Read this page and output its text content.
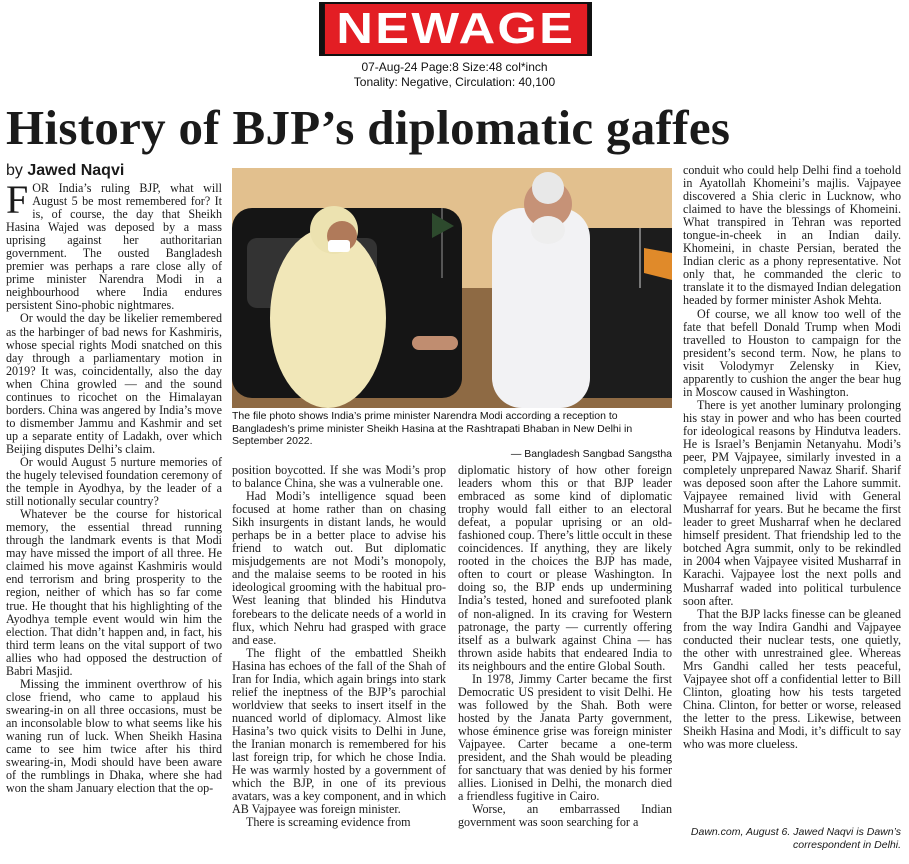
NEWAGE
07-Aug-24 Page:8 Size:48 col*inch
Tonality: Negative, Circulation: 40,100
History of BJP’s diplomatic gaffes
by Jawed Naqvi

FOR India’s ruling BJP, what will August 5 be most remembered for? It is, of course, the day that Sheikh Hasina Wajed was deposed by a mass uprising against her authoritarian government. The ousted Bangladesh premier was perhaps a rare close ally of prime minister Narendra Modi in a neighbourhood where India endures persistent Sino-phobic nightmares.

Or would the day be likelier remembered as the harbinger of bad news for Kashmiris, whose special rights Modi snatched on this day through a parliamentary motion in 2019? It was, coincidentally, also the day when China growled — and the sound continues to ricochet on the Himalayan borders. China was angered by India’s move to dismember Jammu and Kashmir and set up a separate entity of Ladakh, over which Beijing disputes Delhi’s claim.

Or would August 5 nurture memories of the hugely televised foundation ceremony of the temple in Ayodhya, by the leader of a still notionally secular country?

Whatever be the course for historical memory, the essential thread running through the landmark events is that Modi may have missed the import of all three. He claimed his move against Kashmiris would end terrorism and bring prosperity to the region, neither of which has so far come true. He thought that his highlighting of the Ayodhya temple event would win him the election. That didn’t happen and, in fact, his third term leans on the vital support of two allies who had opposed the destruction of Babri Masjid.

Missing the imminent overthrow of his close friend, who came to applaud his swearing-in on all three occasions, must be an inconsolable blow to what seems like his waning run of luck. When Sheikh Hasina came to see him twice after his third swearing-in, Modi should have been aware of the rumblings in Dhaka, where she had won the sham January election that the op-

The file photo shows India’s prime minister Narendra Modi according a reception to Bangladesh’s prime minister Sheikh Hasina at the Rashtrapati Bhaban in New Delhi in September 2022.
— Bangladesh Sangbad Sangstha

position boycotted. If she was Modi’s prop to balance China, she was a vulnerable one.

Had Modi’s intelligence squad been focused at home rather than on chasing Sikh insurgents in distant lands, he would perhaps be in a better place to advise his friend to watch out. But diplomatic misjudgements are not Modi’s monopoly, and the malaise seems to be rooted in his ideological grooming with the habitual pro-West leaning that blinded his Hindutva forebears to the delicate needs of a world in flux, which Nehru had grasped with grace and ease.

The flight of the embattled Sheikh Hasina has echoes of the fall of the Shah of Iran for India, which again brings into stark relief the ineptness of the BJP’s parochial worldview that seeks to insert itself in the nuanced world of diplomacy. Almost like Hasina’s two quick visits to Delhi in June, the Iranian monarch is remembered for his last foreign trip, for which he chose India. He was warmly hosted by a government of which the BJP, in one of its previous avatars, was a key component, and in which AB Vajpayee was foreign minister.

There is screaming evidence from

diplomatic history of how other foreign leaders whom this or that BJP leader embraced as some kind of diplomatic trophy would fall either to an electoral defeat, a popular uprising or an old-fashioned coup. There’s little occult in these coincidences. If anything, they are likely rooted in the choices the BJP has made, often to court or please Washington. In doing so, the BJP ends up undermining India’s tested, honed and surefooted plank of non-aligned. In its craving for Western patronage, the party — currently offering itself as a bulwark against China — has thrown aside habits that endeared India to its neighbours and the entire Global South.

In 1978, Jimmy Carter became the first Democratic US president to visit Delhi. He was followed by the Shah. Both were hosted by the Janata Party government, whose éminence grise was foreign minister Vajpayee. Carter became a one-term president, and the Shah would be pleading for sanctuary that was denied by his former allies. Lionised in Delhi, the monarch died a friendless fugitive in Cairo.

Worse, an embarrassed Indian government was soon searching for a

conduit who could help Delhi find a toehold in Ayatollah Khomeini’s majlis. Vajpayee discovered a Shia cleric in Lucknow, who claimed to have the blessings of Khomeini. What transpired in Tehran was reported tongue-in-cheek in an Indian daily. Khomeini, in chaste Persian, berated the Indian cleric as a phony representative. Not only that, he commanded the cleric to translate it to the dismayed Indian delegation headed by former minister Ashok Mehta.

Of course, we all know too well of the fate that befell Donald Trump when Modi travelled to Houston to campaign for the president’s second term. Now, he plans to visit Volodymyr Zelensky in Kiev, apparently to cushion the anger the bear hug in Moscow caused in Washington.

There is yet another luminary prolonging his stay in power and who has been courted for ideological reasons by Hindutva leaders. He is Israel’s Benjamin Netanyahu. Modi’s peer, PM Vajpayee, similarly invested in a completely unprepared Nawaz Sharif. Sharif was deposed soon after the Lahore summit. Vajpayee remained livid with General Musharraf for years. But he became the first leader to greet Musharraf when he declared himself president. That friendship led to the botched Agra summit, only to be rekindled in 2004 when Vajpayee visited Musharraf in Karachi. Vajpayee lost the next polls and Musharraf waded into political turbulence soon after.

That the BJP lacks finesse can be gleaned from the way Indira Gandhi and Vajpayee conducted their nuclear tests, one quietly, the other with unrestrained glee. Whereas Mrs Gandhi called her tests peaceful, Vajpayee shot off a confidential letter to Bill Clinton, gloating how his tests targeted China. Clinton, for better or worse, released the letter to the press. Likewise, between Sheikh Hasina and Modi, it’s difficult to say who was more clueless.

Dawn.com, August 6. Jawed Naqvi is Dawn’s correspondent in Delhi.
